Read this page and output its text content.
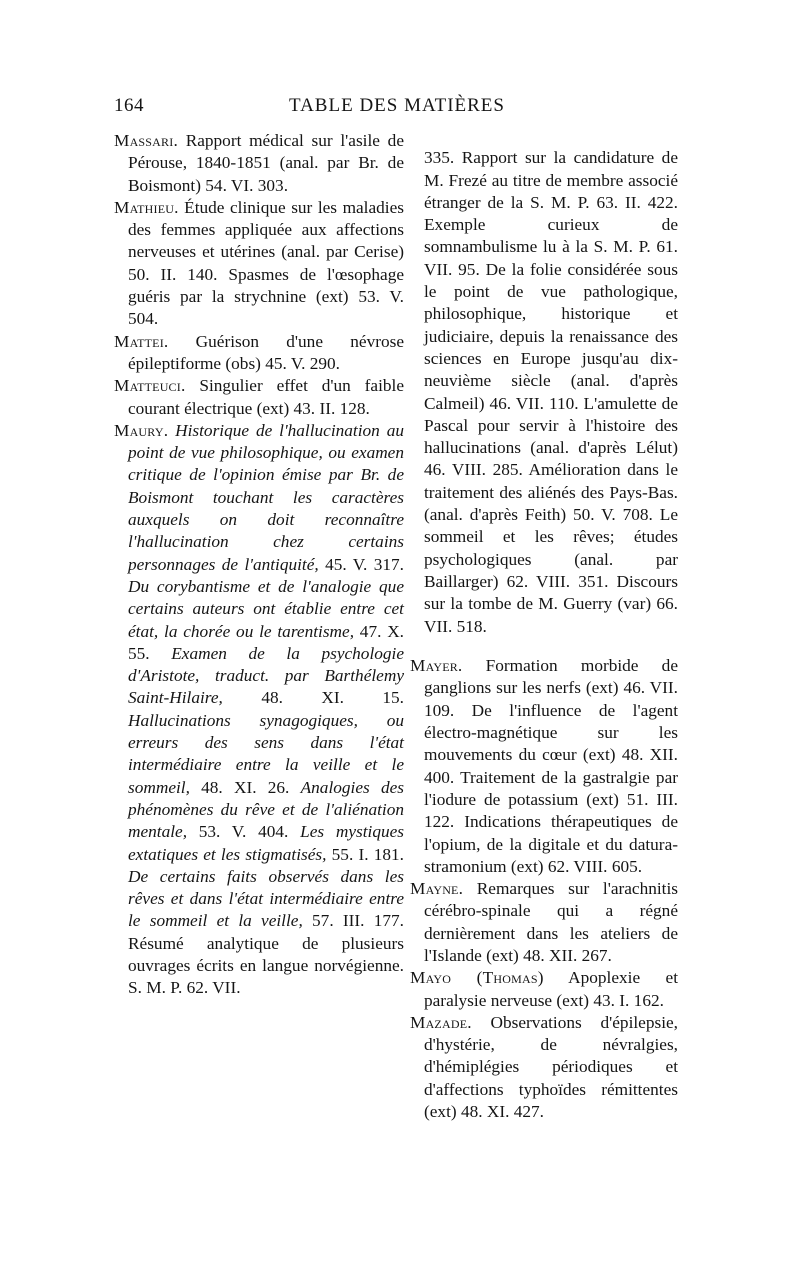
164	TABLE DES MATIÈRES

Massari. Rapport médical sur l'asile de Pérouse, 1840-1851 (anal. par Br. de Boismont) 54. VI. 303.

Mathieu. Étude clinique sur les maladies des femmes appliquée aux affections nerveuses et utérines (anal. par Cerise) 50. II. 140. Spasmes de l'œsophage guéris par la strychnine (ext) 53. V. 504.

Mattei. Guérison d'une névrose épileptiforme (obs) 45. V. 290.

Matteuci. Singulier effet d'un faible courant électrique (ext) 43. II. 128.

Maury. Historique de l'hallucination au point de vue philosophique, ou examen critique de l'opinion émise par Br. de Boismont touchant les caractères auxquels on doit reconnaître l'hallucination chez certains personnages de l'antiquité, 45. V. 317. Du corybantisme et de l'analogie que certains auteurs ont établie entre cet état, la chorée ou le tarentisme, 47. X. 55. Examen de la psychologie d'Aristote, traduct. par Barthélemy Saint-Hilaire, 48. XI. 15. Hallucinations synagogiques, ou erreurs des sens dans l'état intermédiaire entre la veille et le sommeil, 48. XI. 26. Analogies des phénomènes du rêve et de l'aliénation mentale, 53. V. 404. Les mystiques extatiques et les stigmatisés, 55. I. 181. De certains faits observés dans les rêves et dans l'état intermédiaire entre le sommeil et la veille, 57. III. 177. Résumé analytique de plusieurs ouvrages écrits en langue norvégienne. S. M. P. 62. VII.

335. Rapport sur la candidature de M. Frezé au titre de membre associé étranger de la S. M. P. 63. II. 422. Exemple curieux de somnambulisme lu à la S. M. P. 61. VII. 95. De la folie considérée sous le point de vue pathologique, philosophique, historique et judiciaire, depuis la renaissance des sciences en Europe jusqu'au dix-neuvième siècle (anal. d'après Calmeil) 46. VII. 110. L'amulette de Pascal pour servir à l'histoire des hallucinations (anal. d'après Lélut) 46. VIII. 285. Amélioration dans le traitement des aliénés des Pays-Bas. (anal. d'après Feith) 50. V. 708. Le sommeil et les rêves; études psychologiques (anal. par Baillarger) 62. VIII. 351. Discours sur la tombe de M. Guerry (var) 66. VII. 518.

Mayer. Formation morbide de ganglions sur les nerfs (ext) 46. VII. 109. De l'influence de l'agent électro-magnétique sur les mouvements du cœur (ext) 48. XII. 400. Traitement de la gastralgie par l'iodure de potassium (ext) 51. III. 122. Indications thérapeutiques de l'opium, de la digitale et du datura-stramonium (ext) 62. VIII. 605.

Mayne. Remarques sur l'arachnitis cérébro-spinale qui a régné dernièrement dans les ateliers de l'Islande (ext) 48. XII. 267.

Mayo (Thomas) Apoplexie et paralysie nerveuse (ext) 43. I. 162.

Mazade. Observations d'épilepsie, d'hystérie, de névralgies, d'hémiplégies périodiques et d'affections typhoïdes rémittentes (ext) 48. XI. 427.
